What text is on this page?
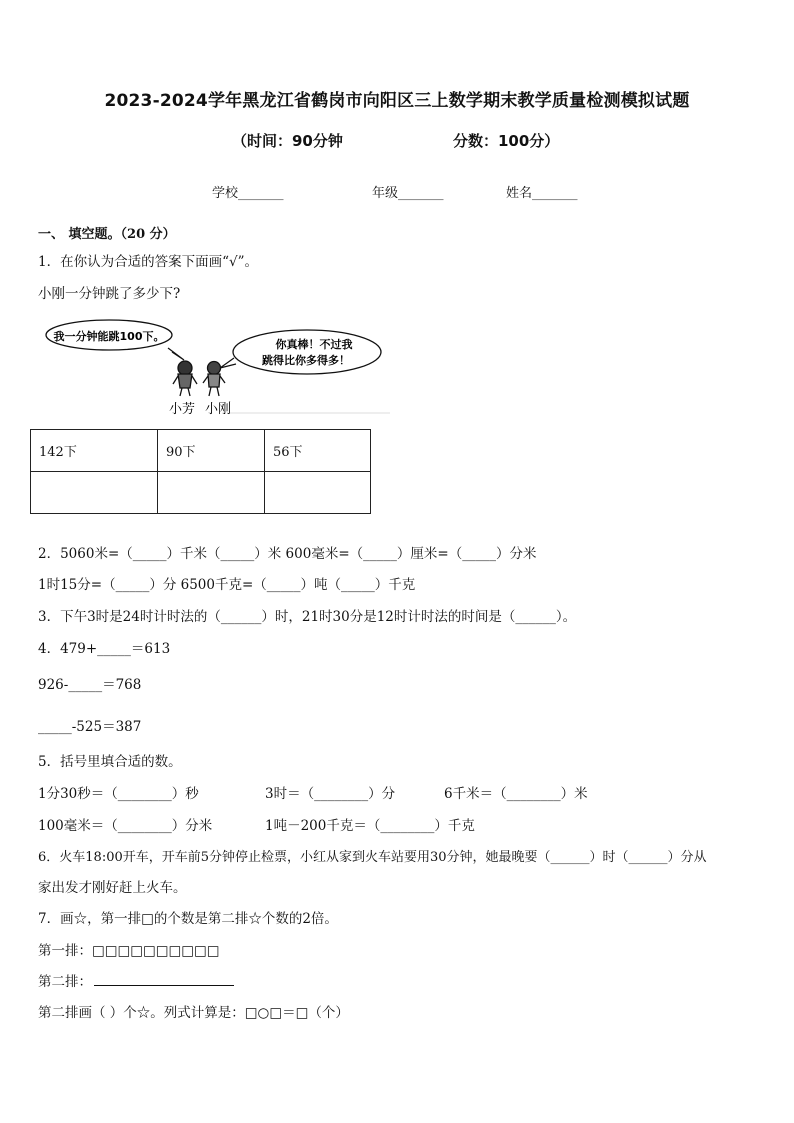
2023-2024学年黑龙江省鹤岗市向阳区三上数学期末教学质量检测模拟试题
（时间：90分钟	分数：100分）
学校_______	年级_______	姓名_______
一、 填空题。（20 分）
1．在你认为合适的答案下面画“√”。
小刚一分钟跳了多少下?
我一分钟能跳100下。
你真棒！不过我
跳得比你多得多！
小芳 小刚
142下	90下	56下

2．5060米=（_____）千米（_____）米 600毫米=（_____）厘米=（_____）分米
1时15分=（_____）分 6500千克=（_____）吨（_____）千克
3．下午3时是24时计时法的（______）时，21时30分是12时计时法的时间是（______）。
4．479+_____＝613
926-_____＝768
_____-525＝387
5．括号里填合适的数。
1分30秒＝（________）秒	3时＝（________）分	6千米＝（________）米
100毫米＝（________）分米	1吨－200千克＝（________）千克
6．火车18:00开车，开车前5分钟停止检票，小红从家到火车站要用30分钟，她最晚要（______）时（______）分从
家出发才刚好赶上火车。
7．画☆，第一排□的个数是第二排☆个数的2倍。
第一排：□□□□□□□□□□
第二排：
第二排画（ ）个☆。列式计算是：□○□＝□（个）
